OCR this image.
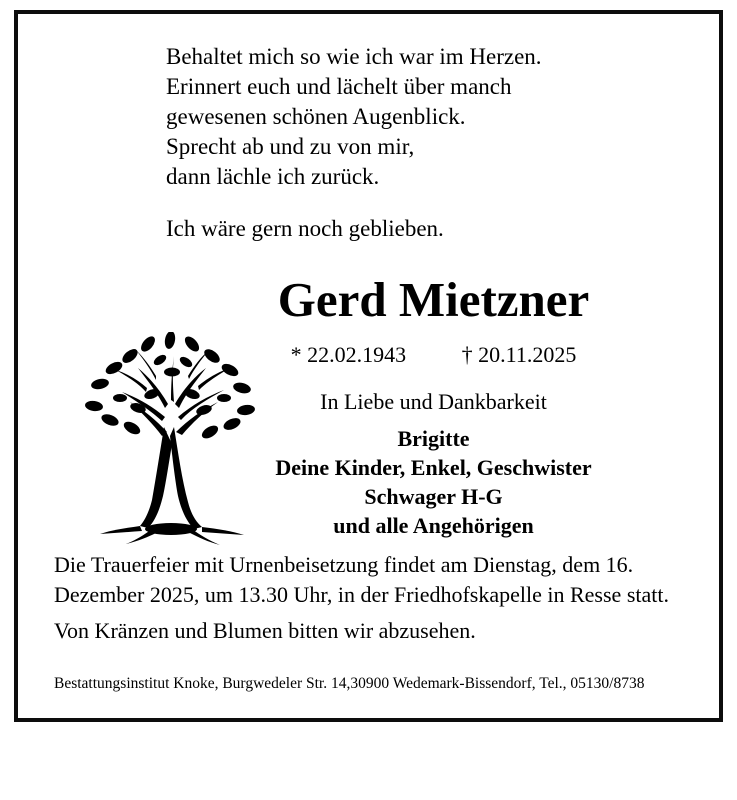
Behaltet mich so wie ich war im Herzen.
Erinnert euch und lächelt über manch
gewesenen schönen Augenblick.
Sprecht ab und zu von mir,
dann lächle ich zurück.
Ich wäre gern noch geblieben.
Gerd Mietzner
* 22.02.1943	† 20.11.2025
In Liebe und Dankbarkeit
Brigitte
Deine Kinder, Enkel, Geschwister
Schwager H-G
und alle Angehörigen
Die Trauerfeier mit Urnenbeisetzung findet am Dienstag, dem 16. Dezember 2025, um 13.30 Uhr, in der Friedhofskapelle in Resse statt.
Von Kränzen und Blumen bitten wir abzusehen.
Bestattungsinstitut Knoke, Burgwedeler Str. 14,30900 Wedemark-Bissendorf, Tel., 05130/8738
